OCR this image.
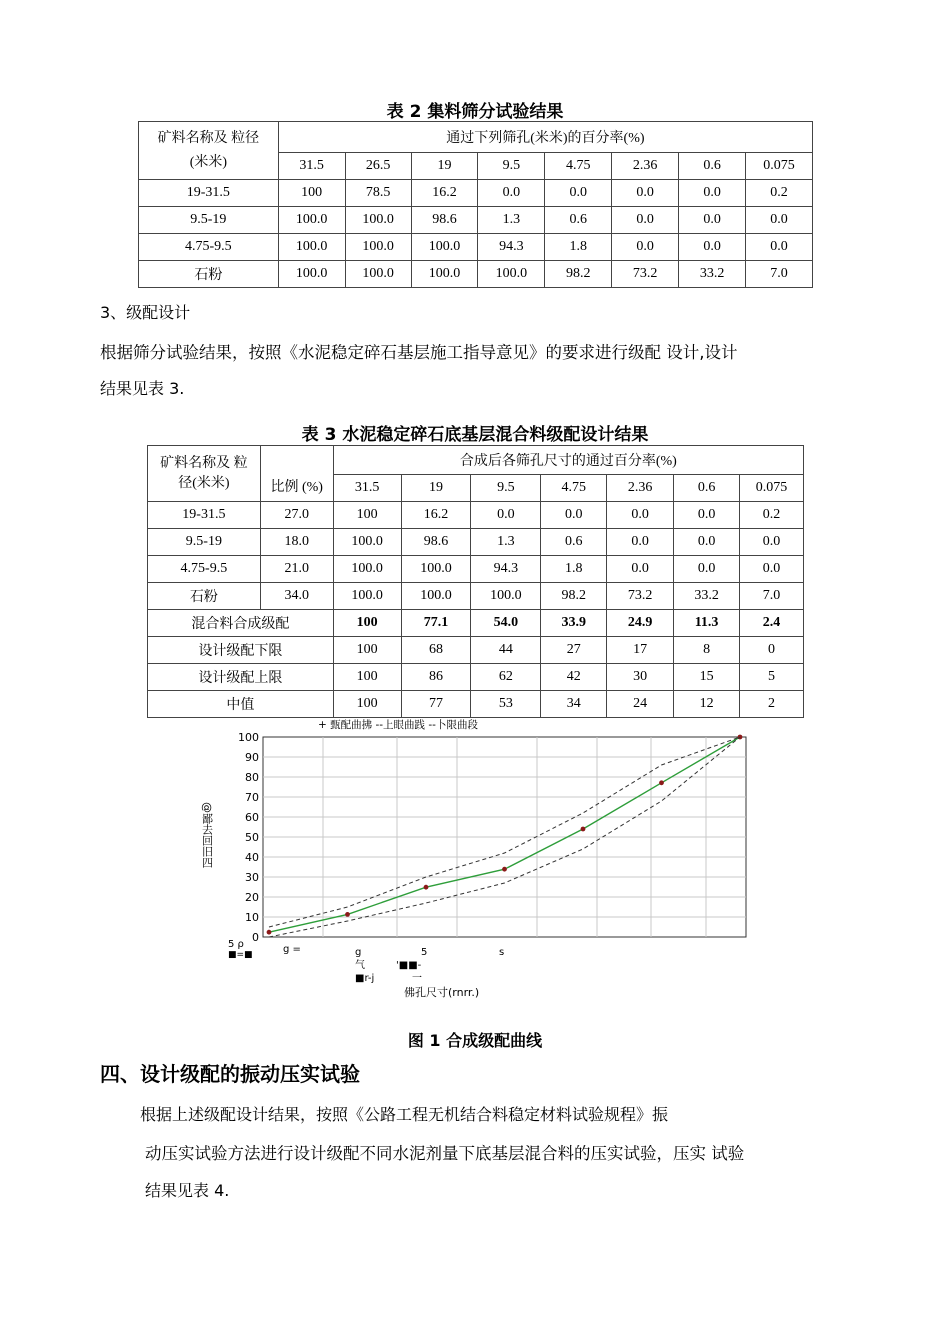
表 2 集料筛分试验结果
矿料名称及 粒径
(米米)	通过下列筛孔(米米)的百分率(%)							
	31.5	26.5	19	9.5	4.75	2.36	0.6	0.075
19-31.5	100	78.5	16.2	0.0	0.0	0.0	0.0	0.2
9.5-19	100.0	100.0	98.6	1.3	0.6	0.0	0.0	0.0
4.75-9.5	100.0	100.0	100.0	94.3	1.8	0.0	0.0	0.0
石粉	100.0	100.0	100.0	100.0	98.2	73.2	33.2	7.0
3、级配设计
根据筛分试验结果，按照《水泥稳定碎石基层施工指导意见》的要求进行级配 设计,设计
结果见表 3.
表 3 水泥稳定碎石底基层混合料级配设计结果
矿料名称及 粒
径(米米)	比例 (%)	合成后各筛孔尺寸的通过百分率(%)						
		31.5	19	9.5	4.75	2.36	0.6	0.075
19-31.5	27.0	100	16.2	0.0	0.0	0.0	0.0	0.2
9.5-19	18.0	100.0	98.6	1.3	0.6	0.0	0.0	0.0
4.75-9.5	21.0	100.0	100.0	94.3	1.8	0.0	0.0	0.0
石粉	34.0	100.0	100.0	100.0	98.2	73.2	33.2	7.0
混合料合成级配		100	77.1	54.0	33.9	24.9	11.3	2.4
设计级配下限		100	68	44	27	17	8	0
设计级配上限		100	86	62	42	30	15	5
中值		100	77	53	34	24	12	2
+ 甄配曲拂 --上眼曲践 --卜限曲段
100
90
80
70
60
50
40
30
20
10
0
@鄙去回旧四
5 ρ
■=■	g =	g	5	s
气
■r-j
'■■-
一
佛孔尺寸(rnrr.)
图 1 合成级配曲线
四、设计级配的振动压实试验
根据上述级配设计结果，按照《公路工程无机结合料稳定材料试验规程》振
动压实试验方法进行设计级配不同水泥剂量下底基层混合料的压实试验，压实 试验
结果见表 4.
